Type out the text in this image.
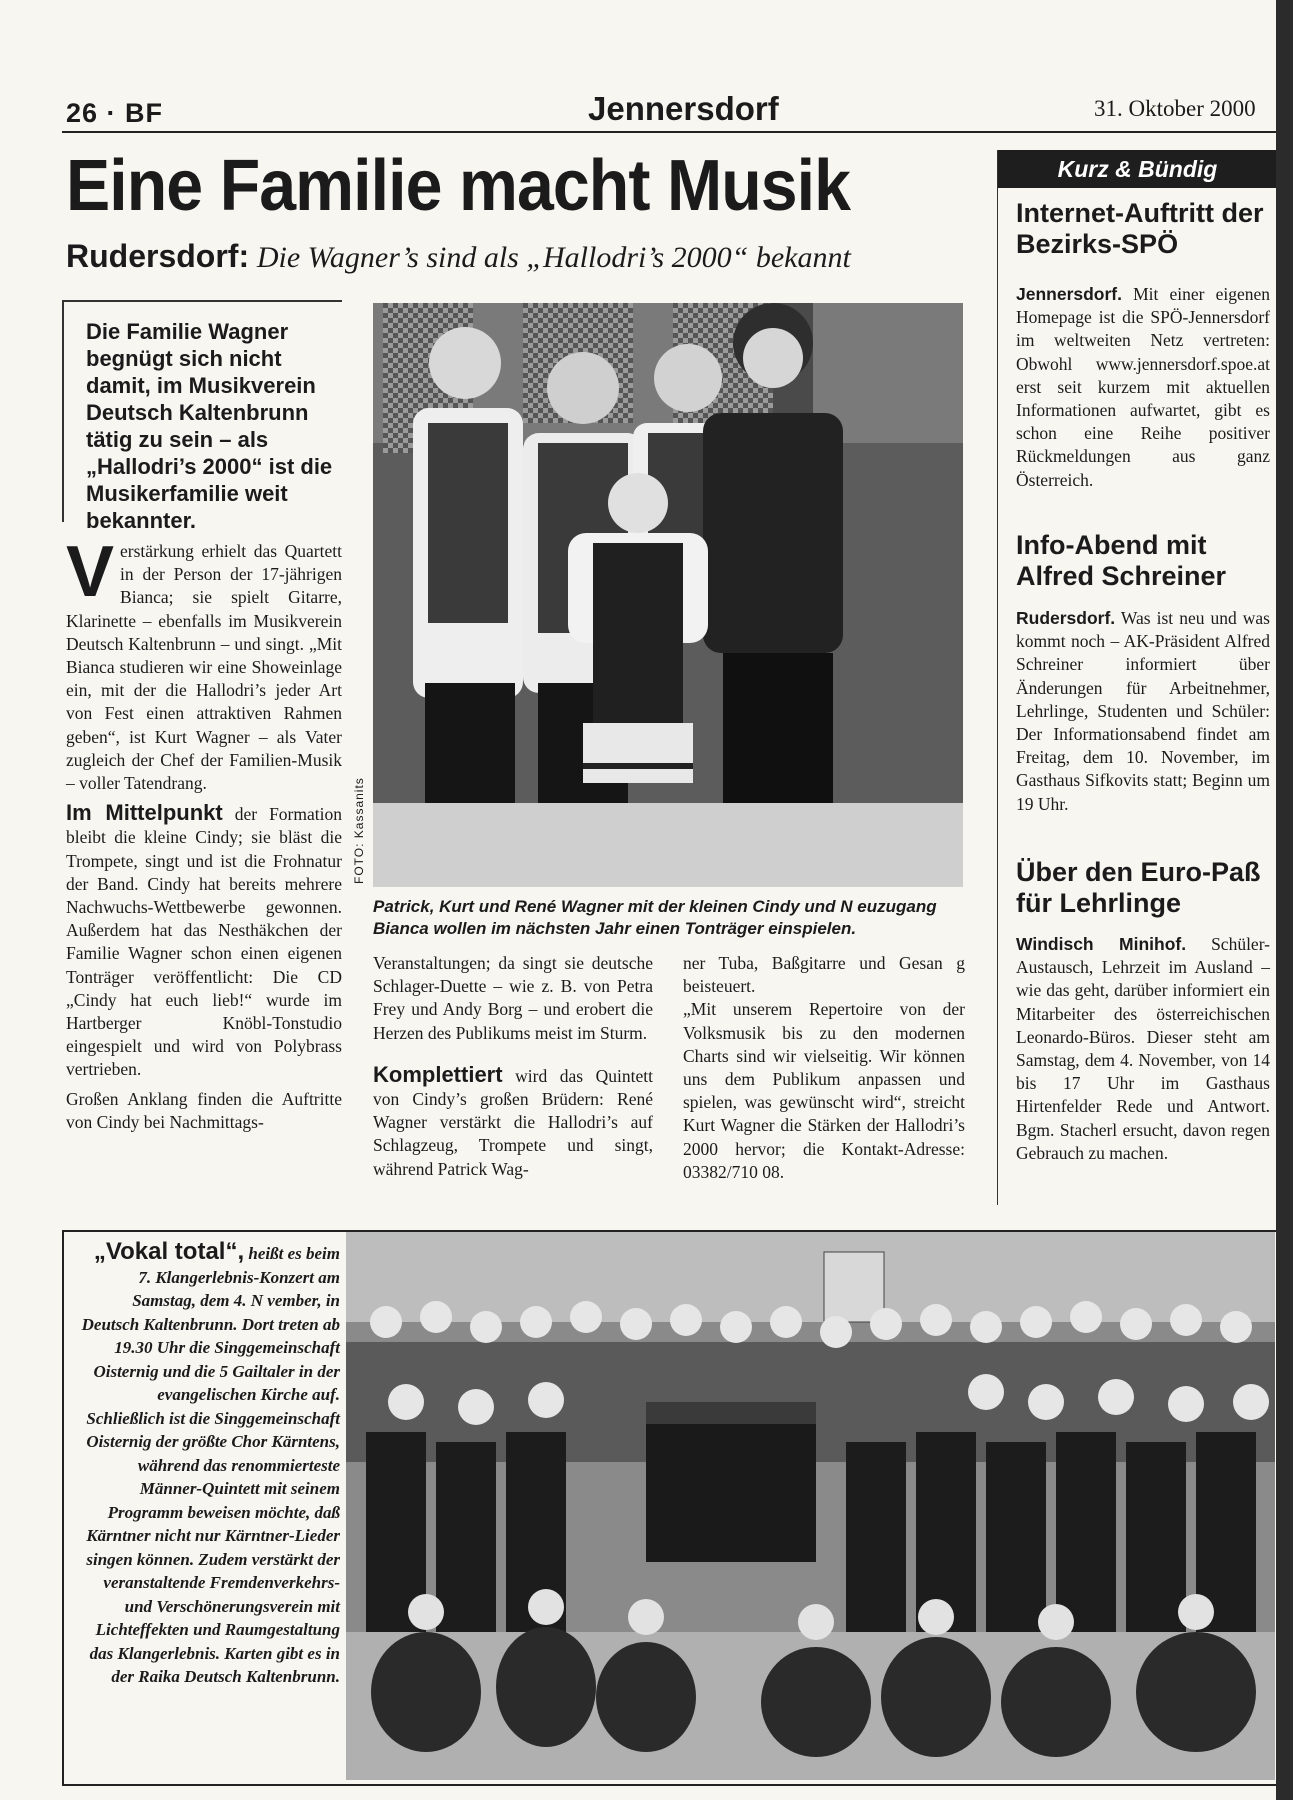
26 · BF	Jennersdorf	31. Oktober 2000
Eine Familie macht Musik
Rudersdorf: Die Wagner’s sind als „Hallodri’s 2000“ bekannt
Die Familie Wagner begnügt sich nicht damit, im Musikverein Deutsch Kaltenbrunn tätig zu sein – als „Hallodri’s 2000“ ist die Musikerfamilie weit bekannter.

Verstärkung erhielt das Quartett in der Person der 17-jährigen Bianca; sie spielt Gitarre, Klarinette – ebenfalls im Musikverein Deutsch Kaltenbrunn – und singt. „Mit Bianca studieren wir eine Showeinlage ein, mit der die Hallodri’s jeder Art von Fest einen attraktiven Rahmen geben“, ist Kurt Wagner – als Vater zugleich der Chef der Familien-Musik – voller Tatendrang.

Im Mittelpunkt der Formation bleibt die kleine Cindy; sie bläst die Trompete, singt und ist die Frohnatur der Band. Cindy hat bereits mehrere Nachwuchs-Wettbewerbe gewonnen. Außerdem hat das Nesthäkchen der Familie Wagner schon einen eigenen Tonträger veröffentlicht: Die CD „Cindy hat euch lieb!“ wurde im Hartberger Knöbl-Tonstudio eingespielt und wird von Polybrass vertrieben.

Großen Anklang finden die Auftritte von Cindy bei Nachmittags-

FOTO: Kassanits
Patrick, Kurt und René Wagner mit der kleinen Cindy und N euzugang Bianca wollen im nächsten Jahr einen Tonträger einspielen.

Veranstaltungen; da singt sie deutsche Schlager-Duette – wie z. B. von Petra Frey und Andy Borg – und erobert die Herzen des Publikums meist im Sturm.

Komplettiert wird das Quintett von Cindy’s großen Brüdern: René Wagner verstärkt die Hallodri’s auf Schlagzeug, Trompete und singt, während Patrick Wag-

ner Tuba, Baßgitarre und Gesan g beisteuert.

„Mit unserem Repertoire von der Volksmusik bis zu den modernen Charts sind wir vielseitig. Wir können uns dem Publikum anpassen und spielen, was gewünscht wird“, streicht Kurt Wagner die Stärken der Hallodri’s 2000 hervor; die Kontakt-Adresse: 03382/710 08.

Kurz & Bündig
Internet-Auftritt der Bezirks-SPÖ
Jennersdorf. Mit einer eigenen Homepage ist die SPÖ-Jennersdorf im weltweiten Netz vertreten: Obwohl www.jennersdorf.spoe.at erst seit kurzem mit aktuellen Informationen aufwartet, gibt es schon eine Reihe positiver Rückmeldungen aus ganz Österreich.
Info-Abend mit Alfred Schreiner
Rudersdorf. Was ist neu und was kommt noch – AK-Präsident Alfred Schreiner informiert über Änderungen für Arbeitnehmer, Lehrlinge, Studenten und Schüler: Der Informationsabend findet am Freitag, dem 10. November, im Gasthaus Sifkovits statt; Beginn um 19 Uhr.
Über den Euro-Paß für Lehrlinge
Windisch Minihof. Schüler-Austausch, Lehrzeit im Ausland – wie das geht, darüber informiert ein Mitarbeiter des österreichischen Leonardo-Büros. Dieser steht am Samstag, dem 4. November, von 14 bis 17 Uhr im Gasthaus Hirtenfelder Rede und Antwort. Bgm. Stacherl ersucht, davon regen Gebrauch zu machen.
„Vokal total“, heißt es beim 7. Klangerlebnis-Konzert am Samstag, dem 4. N vember, in Deutsch Kaltenbrunn. Dort treten ab 19.30 Uhr die Singgemeinschaft Oisternig und die 5 Gailtaler in der evangelischen Kirche auf. Schließlich ist die Singgemeinschaft Oisternig der größte Chor Kärntens, während das renommierteste Männer-Quintett mit seinem Programm beweisen möchte, daß Kärntner nicht nur Kärntner-Lieder singen können. Zudem verstärkt der veranstaltende Fremdenverkehrs- und Verschönerungsverein mit Lichteffekten und Raumgestaltung das Klangerlebnis. Karten gibt es in der Raika Deutsch Kaltenbrunn.
